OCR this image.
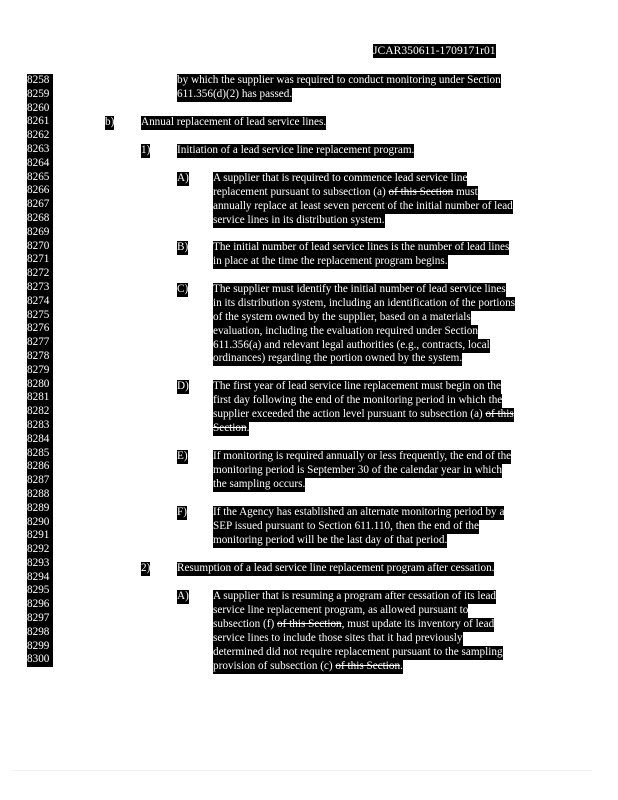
JCAR350611-1709171r01
8258
8259
8260
8261
8262
8263
8264
8265
8266
8267
8268
8269
8270
8271
8272
8273
8274
8275
8276
8277
8278
8279
8280
8281
8282
8283
8284
8285
8286
8287
8288
8289
8290
8291
8292
8293
8294
8295
8296
8297
8298
8299
8300
by which the supplier was required to conduct monitoring under Section
611.356(d)(2) has passed.
b) Annual replacement of lead service lines.
1) Initiation of a lead service line replacement program.
A) A supplier that is required to commence lead service line
replacement pursuant to subsection (a) of this Section must
annually replace at least seven percent of the initial number of lead
service lines in its distribution system.
B) The initial number of lead service lines is the number of lead lines
in place at the time the replacement program begins.
C) The supplier must identify the initial number of lead service lines
in its distribution system, including an identification of the portions
of the system owned by the supplier, based on a materials
evaluation, including the evaluation required under Section
611.356(a) and relevant legal authorities (e.g., contracts, local
ordinances) regarding the portion owned by the system.
D) The first year of lead service line replacement must begin on the
first day following the end of the monitoring period in which the
supplier exceeded the action level pursuant to subsection (a) of this
Section.
E) If monitoring is required annually or less frequently, the end of the
monitoring period is September 30 of the calendar year in which
the sampling occurs.
F) If the Agency has established an alternate monitoring period by a
SEP issued pursuant to Section 611.110, then the end of the
monitoring period will be the last day of that period.
2) Resumption of a lead service line replacement program after cessation.
A) A supplier that is resuming a program after cessation of its lead
service line replacement program, as allowed pursuant to
subsection (f) of this Section, must update its inventory of lead
service lines to include those sites that it had previously
determined did not require replacement pursuant to the sampling
provision of subsection (c) of this Section.
